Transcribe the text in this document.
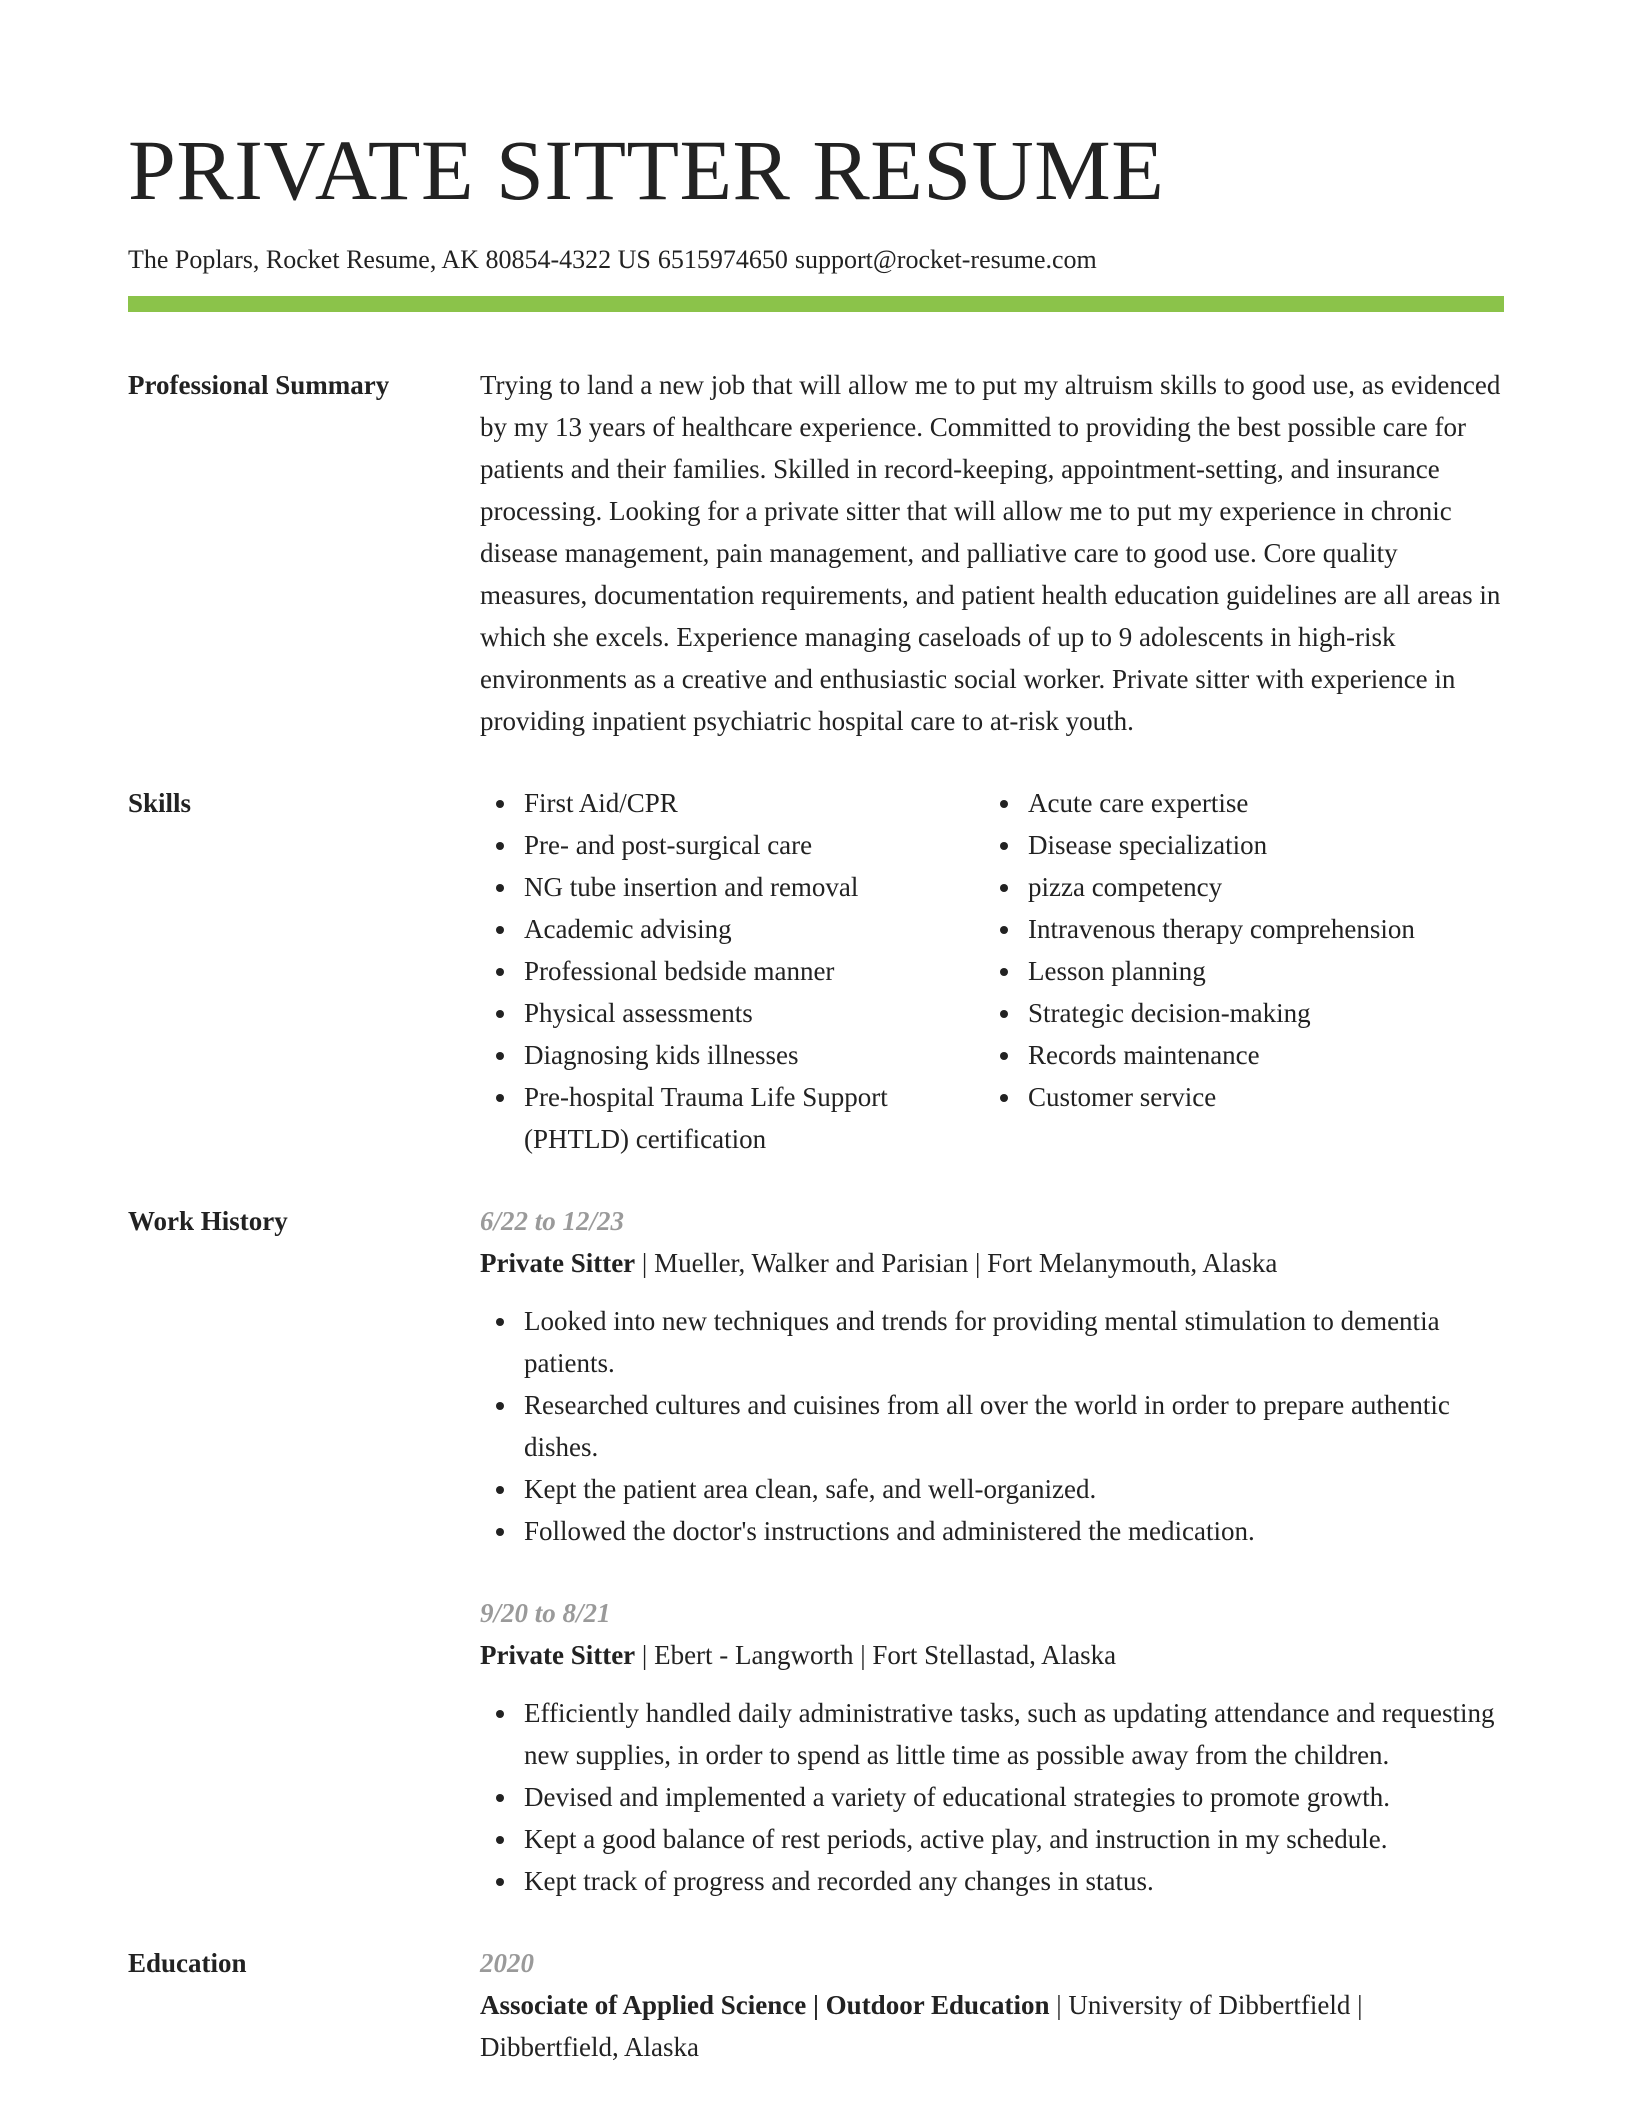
PRIVATE SITTER RESUME
The Poplars, Rocket Resume, AK 80854-4322 US 6515974650 support@rocket-resume.com
Professional Summary	Trying to land a new job that will allow me to put my altruism skills to good use, as evidenced by my 13 years of healthcare experience. Committed to providing the best possible care for patients and their families. Skilled in record-keeping, appointment-setting, and insurance processing. Looking for a private sitter that will allow me to put my experience in chronic disease management, pain management, and palliative care to good use. Core quality measures, documentation requirements, and patient health education guidelines are all areas in which she excels. Experience managing caseloads of up to 9 adolescents in high-risk environments as a creative and enthusiastic social worker. Private sitter with experience in providing inpatient psychiatric hospital care to at-risk youth.
Skills	First Aid/CPR
Pre- and post-surgical care
NG tube insertion and removal
Academic advising
Professional bedside manner
Physical assessments
Diagnosing kids illnesses
Pre-hospital Trauma Life Support (PHTLD) certification
Acute care expertise
Disease specialization
pizza competency
Intravenous therapy comprehension
Lesson planning
Strategic decision-making
Records maintenance
Customer service
Work History	6/22 to 12/23
Private Sitter | Mueller, Walker and Parisian | Fort Melanymouth, Alaska
Looked into new techniques and trends for providing mental stimulation to dementia patients.
Researched cultures and cuisines from all over the world in order to prepare authentic dishes.
Kept the patient area clean, safe, and well-organized.
Followed the doctor's instructions and administered the medication.
9/20 to 8/21
Private Sitter | Ebert - Langworth | Fort Stellastad, Alaska
Efficiently handled daily administrative tasks, such as updating attendance and requesting new supplies, in order to spend as little time as possible away from the children.
Devised and implemented a variety of educational strategies to promote growth.
Kept a good balance of rest periods, active play, and instruction in my schedule.
Kept track of progress and recorded any changes in status.
Education	2020
Associate of Applied Science | Outdoor Education | University of Dibbertfield | Dibbertfield, Alaska
